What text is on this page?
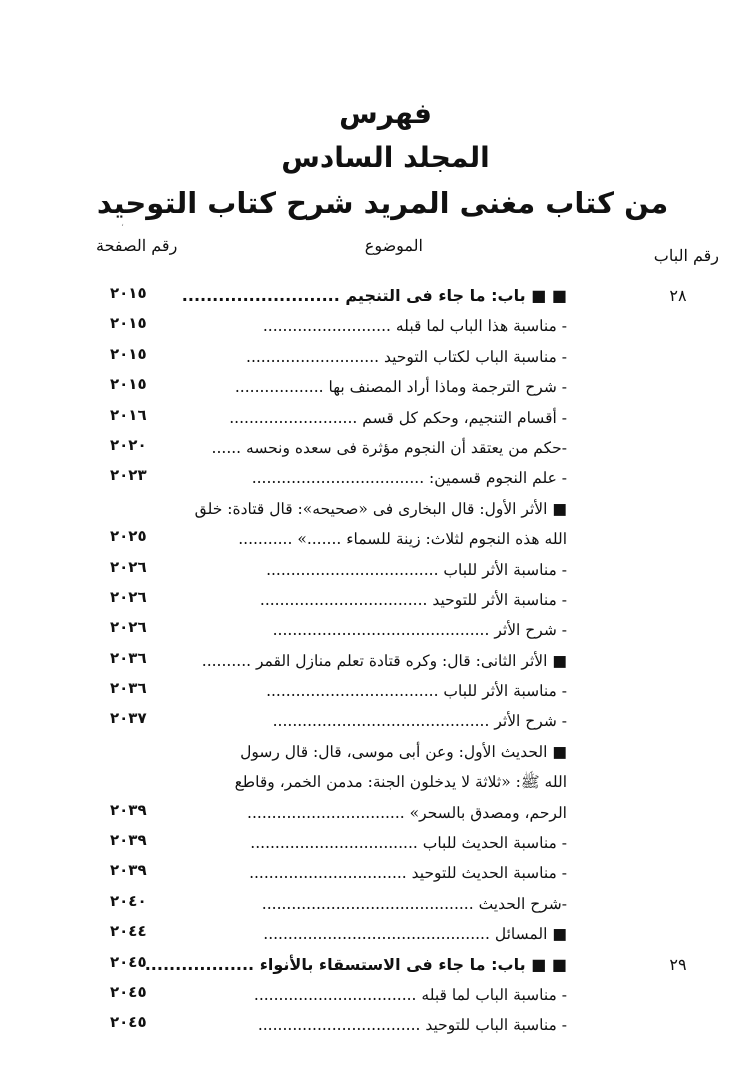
فهرس
المجلد السادس
من كتاب مغنى المريد شرح كتاب التوحيد
،
رقم الباب
الموضوع
رقم الصفحة
٢٨
■ ■ باب: ما جاء فى التنجيم ..........................
٢٠١٥
- مناسبة هذا الباب لما قبله ..........................
٢٠١٥
- مناسبة الباب لكتاب التوحيد ...........................
٢٠١٥
- شرح الترجمة وماذا أراد المصنف بها ..................
٢٠١٥
- أقسام التنجيم، وحكم كل قسم ..........................
٢٠١٦
-حكم من يعتقد أن النجوم مؤثرة فى سعده ونحسه ......
٢٠٢٠
- علم النجوم قسمين: ...................................
٢٠٢٣
■ الأثر الأول: قال البخارى فى «صحيحه»: قال قتادة: خلق
الله هذه النجوم لثلاث: زينة للسماء .......» ...........
٢٠٢٥
- مناسبة الأثر للباب ...................................
٢٠٢٦
- مناسبة الأثر للتوحيد ..................................
٢٠٢٦
- شرح الأثر ............................................
٢٠٢٦
■ الأثر الثانى: قال: وكره قتادة تعلم منازل القمر ..........
٢٠٣٦
- مناسبة الأثر للباب ...................................
٢٠٣٦
- شرح الأثر ............................................
٢٠٣٧
■ الحديث الأول: وعن أبى موسى، قال: قال رسول
الله ﷺ: «ثلاثة لا يدخلون الجنة: مدمن الخمر، وقاطع
الرحم، ومصدق بالسحر» ................................
٢٠٣٩
- مناسبة الحديث للباب ..................................
٢٠٣٩
- مناسبة الحديث للتوحيد ................................
٢٠٣٩
-شرح الحديث ...........................................
٢٠٤٠
■ المسائل ..............................................
٢٠٤٤
٢٩
■ ■ باب: ما جاء فى الاستسقاء بالأنواء ..................
٢٠٤٥
- مناسبة الباب لما قبله .................................
٢٠٤٥
- مناسبة الباب للتوحيد .................................
٢٠٤٥
